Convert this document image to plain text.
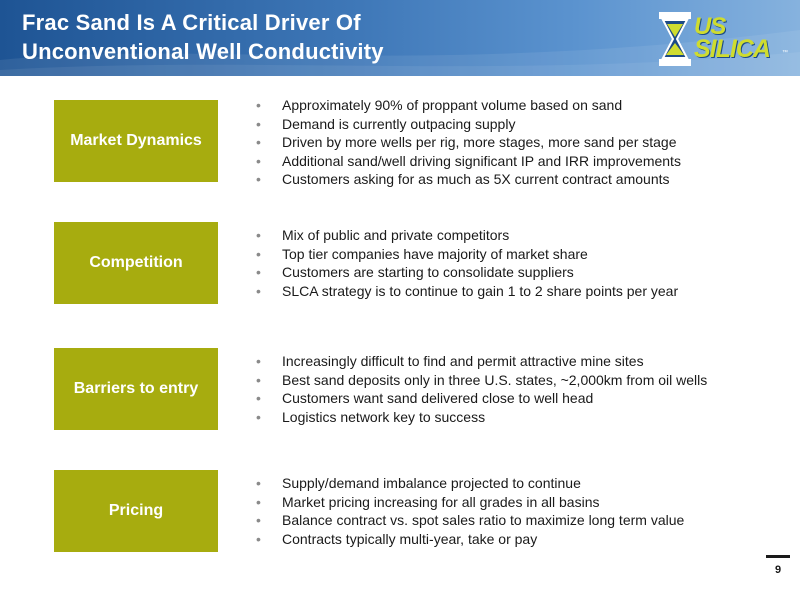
Frac Sand Is A Critical Driver Of
Unconventional Well Conductivity
US
SILICA ™
Market Dynamics
• Approximately 90% of proppant volume based on sand
• Demand is currently outpacing supply
• Driven by more wells per rig, more stages, more sand per stage
• Additional sand/well driving significant IP and IRR improvements
• Customers asking for as much as 5X current contract amounts
Competition
• Mix of public and private competitors
• Top tier companies have majority of market share
• Customers are starting to consolidate suppliers
• SLCA strategy is to continue to gain 1 to 2 share points per year
Barriers to entry
• Increasingly difficult to find and permit attractive mine sites
• Best sand deposits only in three U.S. states, ~2,000km from oil wells
• Customers want sand delivered close to well head
• Logistics network key to success
Pricing
• Supply/demand imbalance projected to continue
• Market pricing increasing for all grades in all basins
• Balance contract vs. spot sales ratio to maximize long term value
• Contracts typically multi-year, take or pay
9
